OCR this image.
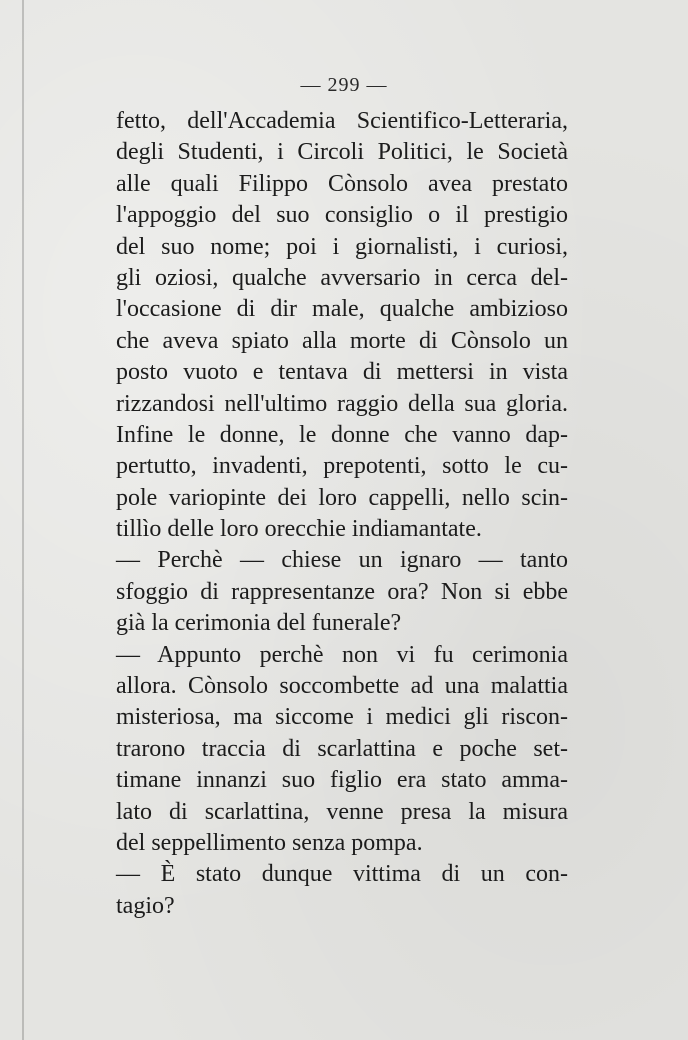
— 299 —
fetto, dell'Accademia Scientifico-Letteraria,
degli Studenti, i Circoli Politici, le Società
alle quali Filippo Cònsolo avea prestato
l'appoggio del suo consiglio o il prestigio
del suo nome; poi i giornalisti, i curiosi,
gli oziosi, qualche avversario in cerca del-
l'occasione di dir male, qualche ambizioso
che aveva spiato alla morte di Cònsolo un
posto vuoto e tentava di mettersi in vista
rizzandosi nell'ultimo raggio della sua gloria.
Infine le donne, le donne che vanno dap-
pertutto, invadenti, prepotenti, sotto le cu-
pole variopinte dei loro cappelli, nello scin-
tillìo delle loro orecchie indiamantate.
— Perchè — chiese un ignaro — tanto
sfoggio di rappresentanze ora? Non si ebbe
già la cerimonia del funerale?
— Appunto perchè non vi fu cerimonia
allora. Cònsolo soccombette ad una malattia
misteriosa, ma siccome i medici gli riscon-
trarono traccia di scarlattina e poche set-
timane innanzi suo figlio era stato amma-
lato di scarlattina, venne presa la misura
del seppellimento senza pompa.
— È stato dunque vittima di un con-
tagio?
